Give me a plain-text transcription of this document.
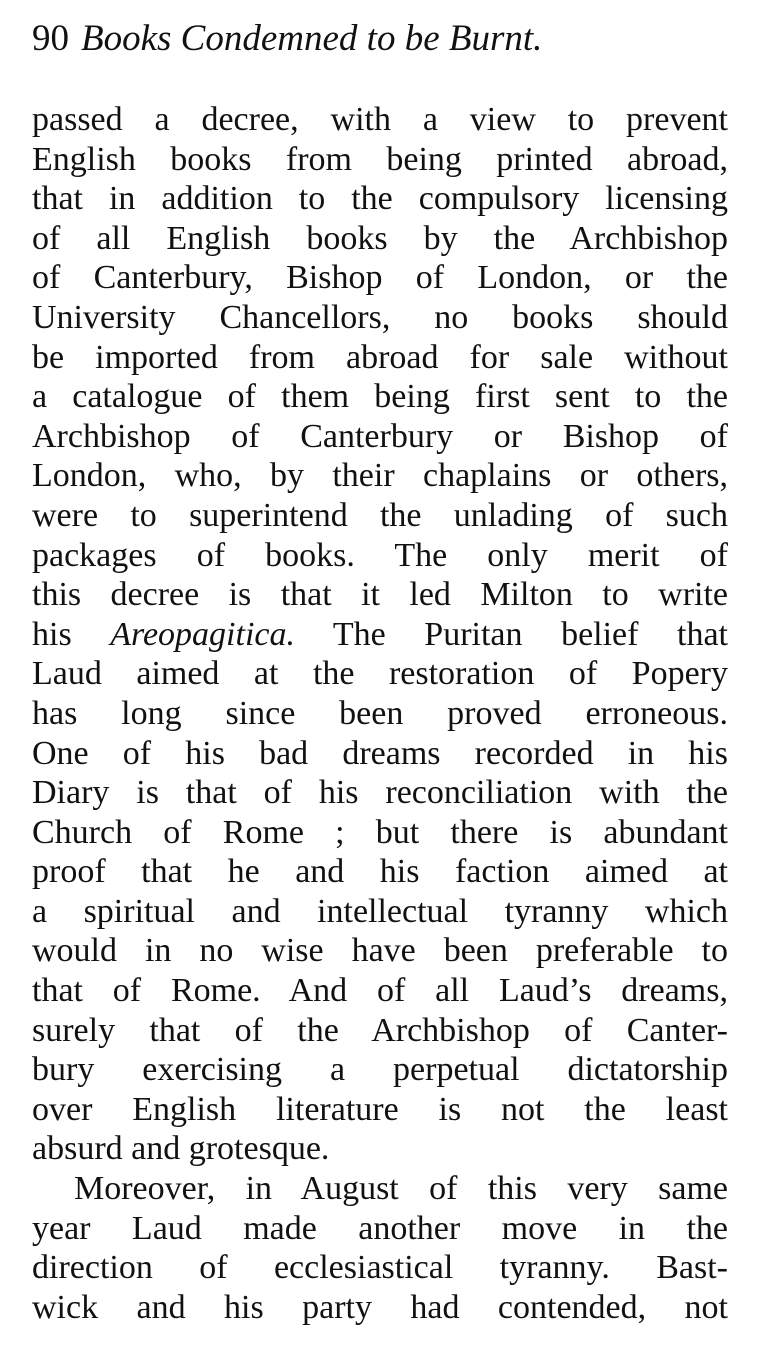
90 Books Condemned to be Burnt.
passed a decree, with a view to prevent
English books from being printed abroad,
that in addition to the compulsory licensing
of all English books by the Archbishop
of Canterbury, Bishop of London, or the
University Chancellors, no books should
be imported from abroad for sale without
a catalogue of them being first sent to the
Archbishop of Canterbury or Bishop of
London, who, by their chaplains or others,
were to superintend the unlading of such
packages of books. The only merit of
this decree is that it led Milton to write
his Areopagitica. The Puritan belief that
Laud aimed at the restoration of Popery
has long since been proved erroneous.
One of his bad dreams recorded in his
Diary is that of his reconciliation with the
Church of Rome ; but there is abundant
proof that he and his faction aimed at
a spiritual and intellectual tyranny which
would in no wise have been preferable to
that of Rome. And of all Laud’s dreams,
surely that of the Archbishop of Canter-
bury exercising a perpetual dictatorship
over English literature is not the least
absurd and grotesque.
Moreover, in August of this very same
year Laud made another move in the
direction of ecclesiastical tyranny. Bast-
wick and his party had contended, not
